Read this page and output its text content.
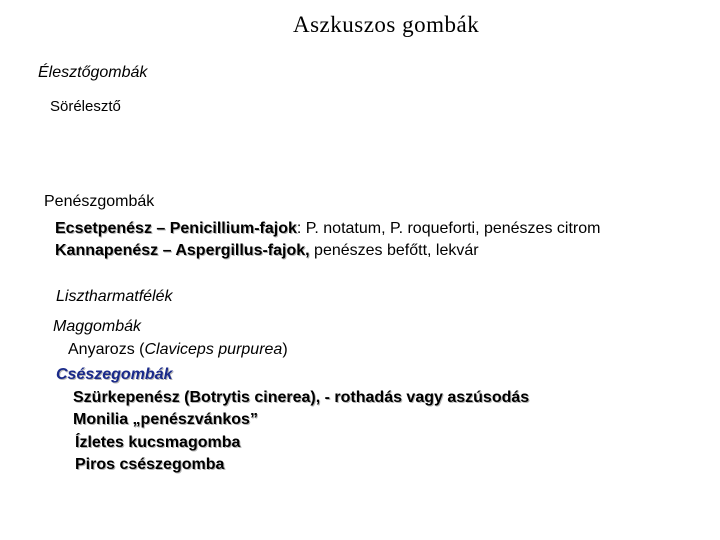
Aszkuszos gombák
Élesztőgombák
Sörélesztő
Penészgombák
Ecsetpenész – Penicillium-fajok: P. notatum, P. roqueforti, penészes citrom
Kannapenész – Aspergillus-fajok, penészes befőtt, lekvár
Lisztharmatfélék
Maggombák
Anyarozs (Claviceps purpurea)
Csészegombák
Szürkepenész (Botrytis cinerea), - rothadás vagy aszúsodás
Monilia „penészvánkos”
Ízletes kucsmagomba
Piros csészegomba
